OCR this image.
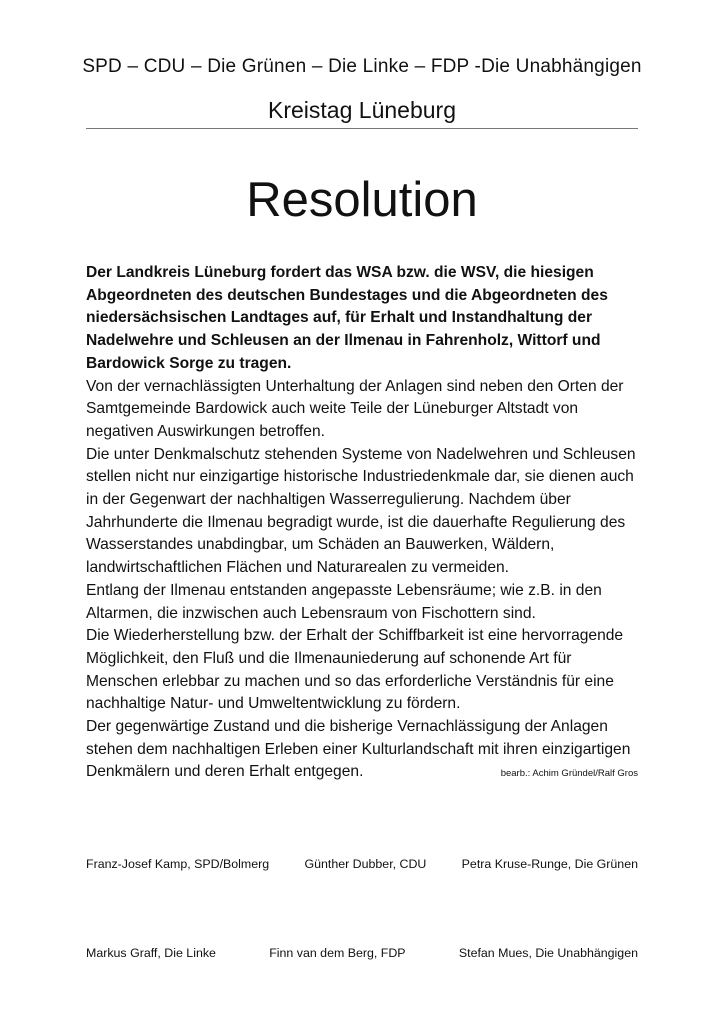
SPD – CDU – Die Grünen – Die Linke – FDP -Die Unabhängigen
Kreistag Lüneburg
Resolution

Der Landkreis Lüneburg fordert das WSA bzw. die WSV, die hiesigen Abgeordneten des deutschen Bundestages und die Abgeordneten des niedersächsischen Landtages auf, für Erhalt und Instandhaltung der Nadelwehre und Schleusen an der Ilmenau in Fahrenholz, Wittorf und Bardowick Sorge zu tragen.

Von der vernachlässigten Unterhaltung der Anlagen sind neben den Orten der Samtgemeinde Bardowick auch weite Teile der Lüneburger Altstadt von negativen Auswirkungen betroffen.

Die unter Denkmalschutz stehenden Systeme von Nadelwehren und Schleusen stellen nicht nur einzigartige historische Industriedenkmale dar, sie dienen auch in der Gegenwart der nachhaltigen Wasserregulierung. Nachdem über Jahrhunderte die Ilmenau begradigt wurde, ist die dauerhafte Regulierung des Wasserstandes unabdingbar, um Schäden an Bauwerken, Wäldern, landwirtschaftlichen Flächen und Naturarealen zu vermeiden.

Entlang der Ilmenau entstanden angepasste Lebensräume; wie z.B. in den Altarmen, die inzwischen auch Lebensraum von Fischottern sind.

Die Wiederherstellung bzw. der Erhalt der Schiffbarkeit ist eine hervorragende Möglichkeit, den Fluß und die Ilmenauniederung auf schonende Art für Menschen erlebbar zu machen und so das erforderliche Verständnis für eine nachhaltige Natur- und Umweltentwicklung zu fördern.

Der gegenwärtige Zustand und die bisherige Vernachlässigung der Anlagen stehen dem nachhaltigen Erleben einer Kulturlandschaft mit ihren einzigartigen

Denkmälern und deren Erhalt entgegen.	bearb.: Achim Gründel/Ralf Gros
Franz-Josef Kamp, SPD/Bolmerg	Günther Dubber, CDU	Petra Kruse-Runge, Die Grünen
Markus Graff, Die Linke	Finn van dem Berg, FDP	Stefan Mues, Die Unabhängigen
